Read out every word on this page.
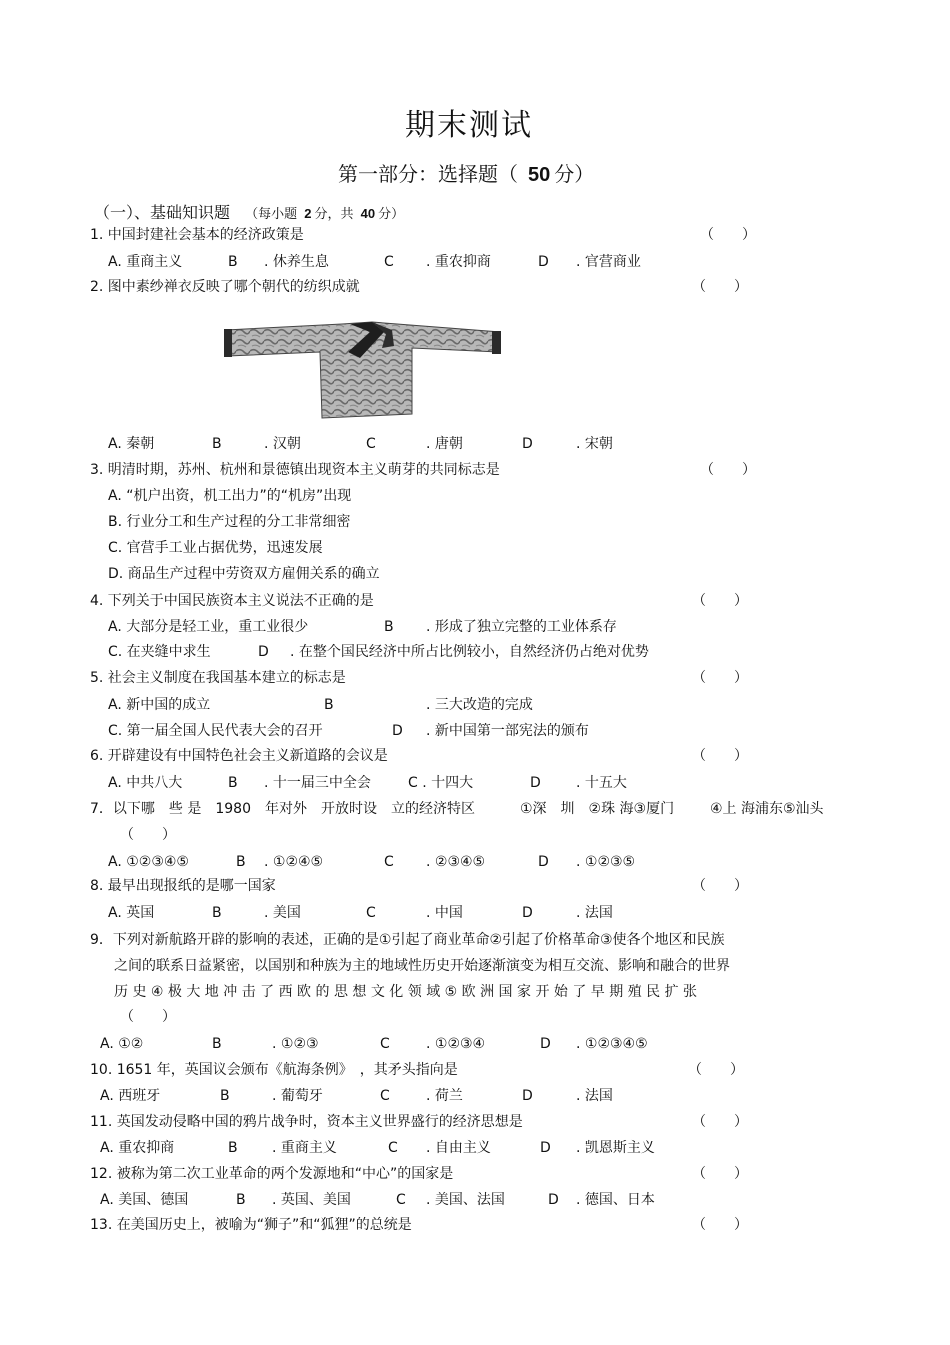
期末测试
第一部分：选择题（ 50 分）
（一）、基础知识题 （每小题 2 分，共 40 分）
1. 中国封建社会基本的经济政策是	（　　）
A. 重商主义	B . 休养生息	C . 重农抑商	D . 官营商业
2. 图中素纱禅衣反映了哪个朝代的纺织成就	（　　）
A. 秦朝	B	. 汉朝	C	. 唐朝	D	. 宋朝
3. 明清时期，苏州、杭州和景德镇出现资本主义萌芽的共同标志是	（　　）
A. “机户出资，机工出力”的“机房”出现
B. 行业分工和生产过程的分工非常细密
C. 官营手工业占据优势，迅速发展
D. 商品生产过程中劳资双方雇佣关系的确立
4. 下列关于中国民族资本主义说法不正确的是	（　　）
A. 大部分是轻工业，重工业很少	B . 形成了独立完整的工业体系存
C. 在夹缝中求生	D . 在整个国民经济中所占比例较小，自然经济仍占绝对优势
5. 社会主义制度在我国基本建立的标志是	（　　）
A. 新中国的成立	B	. 三大改造的完成
C. 第一届全国人民代表大会的召开	D . 新中国第一部宪法的颁布
6. 开辟建设有中国特色社会主义新道路的会议是	（　　）
A. 中共八大	B . 十一届三中全会	C . 十四大	D	. 十五大
7．以下哪　些 是　1980　年对外　开放时设　立的经济特区	①深　圳　②珠 海③厦门	④上 海浦东⑤汕头
（　　）
A. ①②③④⑤	B . ①②④⑤	C . ②③④⑤	D . ①②③⑤
8. 最早出现报纸的是哪一国家	（　　）
A. 英国	B	. 美国	C	. 中国	D	. 法国
9．下列对新航路开辟的影响的表述，正确的是①引起了商业革命②引起了价格革命③使各个地区和民族
之间的联系日益紧密，以国别和种族为主的地域性历史开始逐渐演变为相互交流、影响和融合的世界
历 史 ④ 极 大 地 冲 击 了 西 欧 的 思 想 文 化 领 域 ⑤ 欧 洲 国 家 开 始 了 早 期 殖 民 扩 张
（　　）
A. ①②	B	. ①②③	C	. ①②③④	D . ①②③④⑤
10. 1651 年，英国议会颁布《航海条例》　，其矛头指向是	（　　）
A. 西班牙	B	. 葡萄牙	C	. 荷兰	D	. 法国
11. 英国发动侵略中国的鸦片战争时，资本主义世界盛行的经济思想是	（　　）
A. 重农抑商	B . 重商主义	C . 自由主义	D . 凯恩斯主义
12. 被称为第二次工业革命的两个发源地和“中心”的国家是	（　　）
A. 美国、德国	B . 英国、美国	C . 美国、法国	D . 德国、日本
13. 在美国历史上，被喻为“狮子”和“狐狸”的总统是	（　　）
